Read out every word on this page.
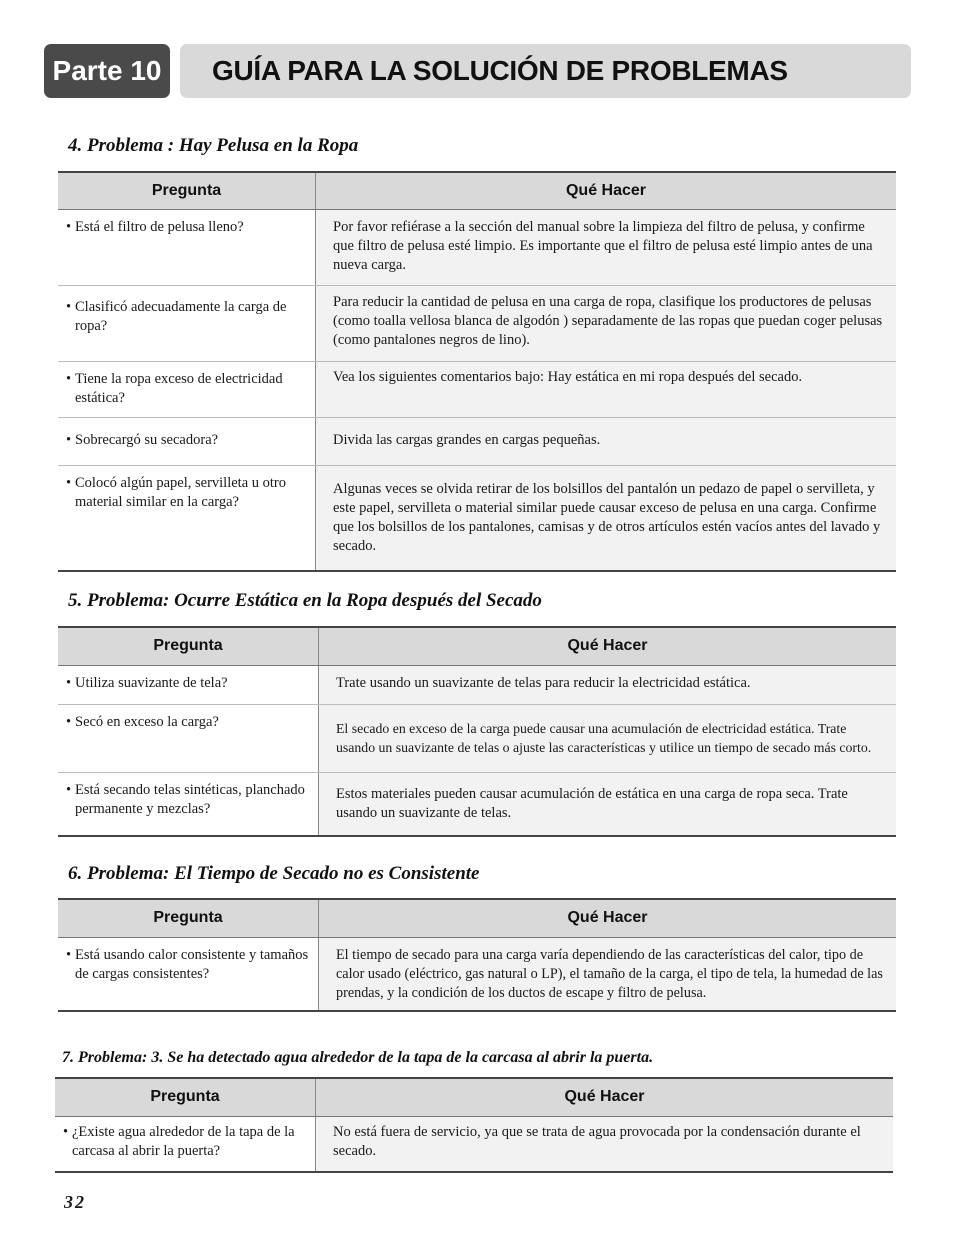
Parte 10 GUÍA PARA LA SOLUCIÓN DE PROBLEMAS
4. Problema : Hay Pelusa en la Ropa
Pregunta	Qué Hacer

• Está el filtro de pelusa lleno?	Por favor refiérase a la sección del manual sobre la limpieza del filtro de pelusa, y confirme que filtro de pelusa esté limpio. Es importante que el filtro de pelusa esté limpio antes de una nueva carga.

• Clasificó adecuadamente la carga de ropa?	Para reducir la cantidad de pelusa en una carga de ropa, clasifique los productores de pelusas (como toalla vellosa blanca de algodón ) separadamente de las ropas que puedan coger pelusas (como pantalones negros de lino).

• Tiene la ropa exceso de electricidad estática?	Vea los siguientes comentarios bajo: Hay estática en mi ropa después del secado.

• Sobrecargó su secadora?	Divida las cargas grandes en cargas pequeñas.

• Colocó algún papel, servilleta u otro material similar en la carga?	Algunas veces se olvida retirar de los bolsillos del pantalón un pedazo de papel o servilleta, y este papel, servilleta o material similar puede causar exceso de pelusa en una carga. Confirme que los bolsillos de los pantalones, camisas y de otros artículos estén vacíos antes del lavado y secado.
5. Problema: Ocurre Estática en la Ropa después del Secado
Pregunta	Qué Hacer

• Utiliza suavizante de tela?	Trate usando un suavizante de telas para reducir la electricidad estática.

• Secó en exceso la carga?	El secado en exceso de la carga puede causar una acumulación de electricidad estática. Trate usando un suavizante de telas o ajuste las características y utilice un tiempo de secado más corto.

• Está secando telas sintéticas, planchado permanente y mezclas?	Estos materiales pueden causar acumulación de estática en una carga de ropa seca. Trate usando un suavizante de telas.
6. Problema: El Tiempo de Secado no es Consistente
Pregunta	Qué Hacer

• Está usando calor consistente y tamaños de cargas consistentes?	El tiempo de secado para una carga varía dependiendo de las características del calor, tipo de calor usado (eléctrico, gas natural o LP), el tamaño de la carga, el tipo de tela, la humedad de las prendas, y la condición de los ductos de escape y filtro de pelusa.
7. Problema: 3. Se ha detectado agua alrededor de la tapa de la carcasa al abrir la puerta.
Pregunta	Qué Hacer

• ¿Existe agua alrededor de la tapa de la carcasa al abrir la puerta?	No está fuera de servicio, ya que se trata de agua provocada por la condensación durante el secado.
32
